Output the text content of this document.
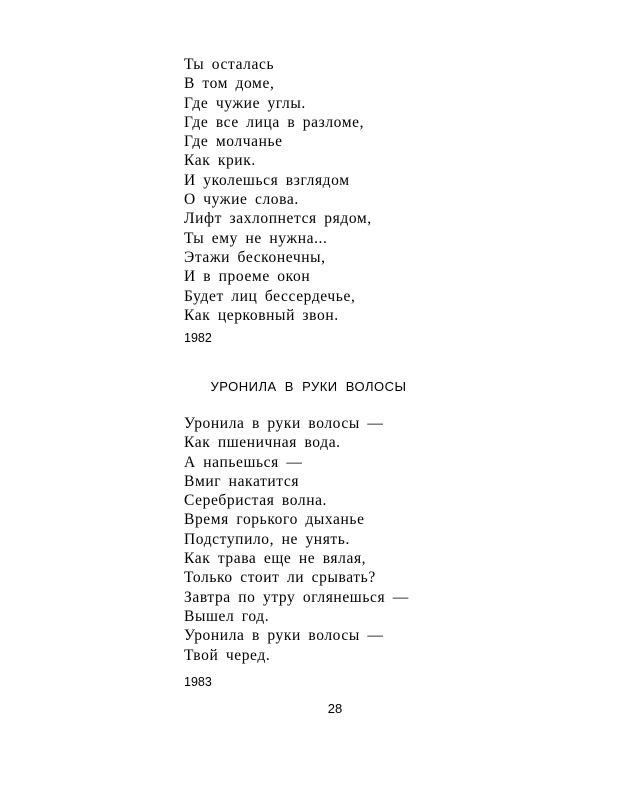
Ты осталась
В том доме,
Где чужие углы.
Где все лица в разломе,
Где молчанье
Как крик.
И уколешься взглядом
О чужие слова.
Лифт захлопнется рядом,
Ты ему не нужна...
Этажи бесконечны,
И в проеме окон
Будет лиц бессердечье,
Как церковный звон.

1982

УРОНИЛА В РУКИ ВОЛОСЫ
Уронила в руки волосы —
Как пшеничная вода.
А напьешься —
Вмиг накатится
Серебристая волна.
Время горького дыханье
Подступило, не унять.
Как трава еще не вялая,
Только стоит ли срывать?
Завтра по утру оглянешься —
Вышел год.
Уронила в руки волосы —
Твой черед.

1983

28
